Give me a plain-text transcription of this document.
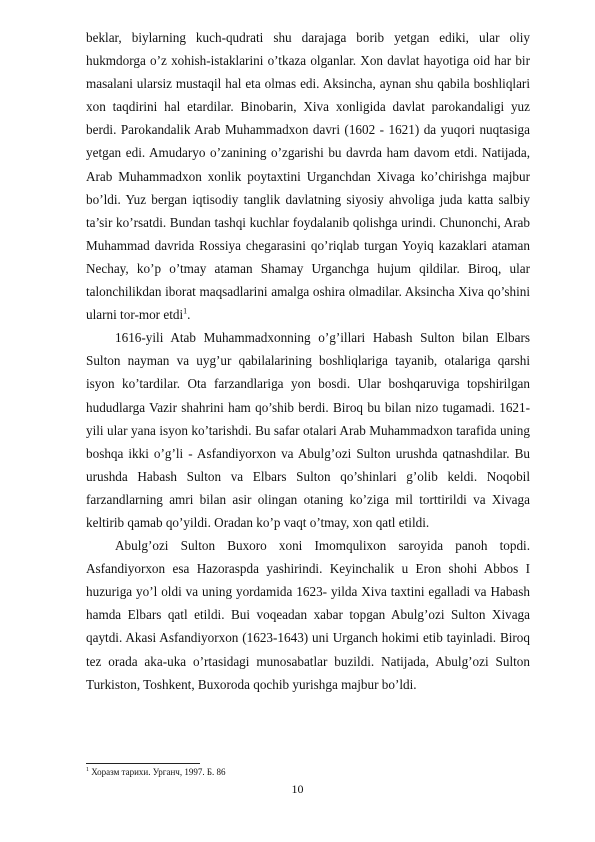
beklar, biylarning kuch-qudrati shu darajaga borib yetgan ediki, ular oliy hukmdorga o’z xohish-istaklarini o’tkaza olganlar. Xon davlat hayotiga oid har bir masalani ularsiz mustaqil hal eta olmas edi. Aksincha, aynan shu qabila boshliqlari xon taqdirini hal etardilar. Binobarin, Xiva xonligida davlat parokandaligi yuz berdi. Parokandalik Arab Muhammadxon davri (1602 - 1621) da yuqori nuqtasiga yetgan edi. Amudaryo o’zanining o’zgarishi bu davrda ham davom etdi. Natijada, Arab Muhammadxon xonlik poytaxtini Urganchdan Xivaga ko’chirishga majbur bo’ldi. Yuz bergan iqtisodiy tanglik davlatning siyosiy ahvoliga juda katta salbiy ta’sir ko’rsatdi. Bundan tashqi kuchlar foydalanib qolishga urindi. Chunonchi, Arab Muhammad davrida Rossiya chegarasini qo’riqlab turgan Yoyiq kazaklari ataman Nechay, ko’p o’tmay ataman Shamay Urganchga hujum qildilar. Biroq, ular talonchilikdan iborat maqsadlarini amalga oshira olmadilar. Aksincha Xiva qo’shini ularni tor-mor etdi$^1$.

1616-yili Atab Muhammadxonning o’g’illari Habash Sulton bilan Elbars Sulton nayman va uyg’ur qabilalarining boshliqlariga tayanib, otalariga qarshi isyon ko’tardilar. Ota farzandlariga yon bosdi. Ular boshqaruviga topshirilgan hududlarga Vazir shahrini ham qo’shib berdi. Biroq bu bilan nizo tugamadi. 1621-yili ular yana isyon ko’tarishdi. Bu safar otalari Arab Muhammadxon tarafida uning boshqa ikki o’g’li - Asfandiyorxon va Abulg’ozi Sulton urushda qatnashdilar. Bu urushda Habash Sulton va Elbars Sulton qo’shinlari g’olib keldi. Noqobil farzandlarning amri bilan asir olingan otaning ko’ziga mil torttirildi va Xivaga keltirib qamab qo’yildi. Oradan ko’p vaqt o’tmay, xon qatl etildi.

Abulg’ozi Sulton Buxoro xoni Imomqulixon saroyida panoh topdi. Asfandiyorxon esa Hazoraspda yashirindi. Keyinchalik u Eron shohi Abbos I huzuriga yo’l oldi va uning yordamida 1623- yilda Xiva taxtini egalladi va Habash hamda Elbars qatl etildi. Bui voqeadan xabar topgan Abulg’ozi Sulton Xivaga qaytdi. Akasi Asfandiyorxon (1623-1643) uni Urganch hokimi etib tayinladi. Biroq tez orada aka-uka o’rtasidagi munosabatlar buzildi. Natijada, Abulg’ozi Sulton Turkiston, Toshkent, Buxoroda qochib yurishga majbur bo’ldi.

$^1$ Хоразм тарихи. Урганч, 1997. Б. 86
10
